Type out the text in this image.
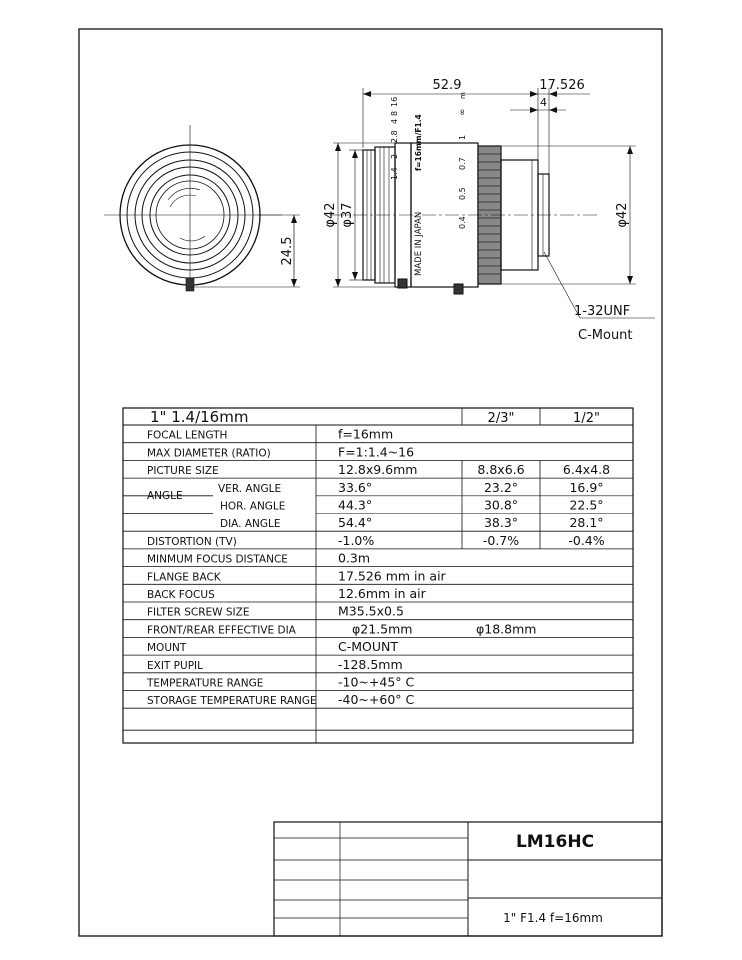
24.5
1.4
2
2.8
4
8
16
f=16mm/F1.4
MADE IN JAPAN
∞
m
1
0.7
0.5
0.4
52.9	17.526
4
φ42 φ37	φ42
1-32UNF
C-Mount
1" 1.4/16mm	2/3"	1/2"
FOCAL LENGTH	f=16mm
MAX DIAMETER (RATIO)	F=1:1.4~16
PICTURE SIZE	12.8x9.6mm	8.8x6.6	6.4x4.8
ANGLE
VER. ANGLE	33.6°	23.2°	16.9°
HOR. ANGLE	44.3°	30.8°	22.5°
DIA. ANGLE	54.4°	38.3°	28.1°
DISTORTION (TV)	-1.0%	-0.7%	-0.4%
MINMUM FOCUS DISTANCE	0.3m
FLANGE BACK	17.526 mm in air
BACK FOCUS	12.6mm in air
FILTER SCREW SIZE	M35.5x0.5
FRONT/REAR EFFECTIVE DIA	φ21.5mm	φ18.8mm
MOUNT	C-MOUNT
EXIT PUPIL	-128.5mm
TEMPERATURE RANGE	-10~+45° C
STORAGE TEMPERATURE RANGE -40~+60° C
LM16HC
1" F1.4 f=16mm
